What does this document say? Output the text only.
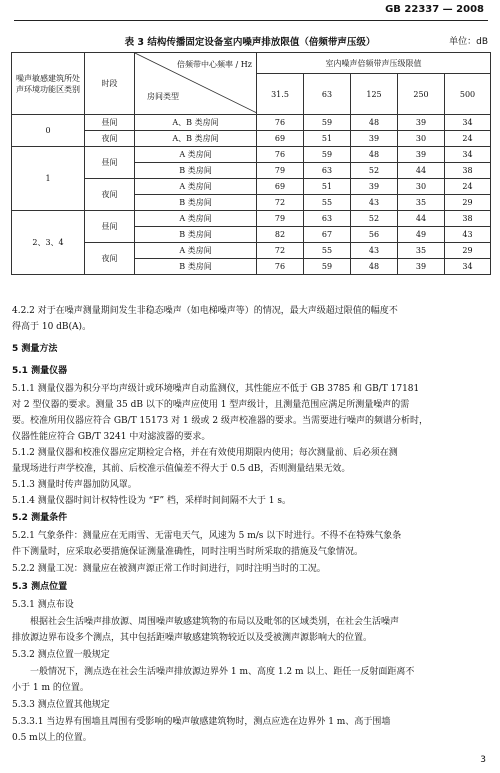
GB 22337 — 2008
表 3 结构传播固定设备室内噪声排放限值（倍频带声压级）	单位：dB
噪声敏感建筑所处声环境功能区类别	时段	倍频带中心频率 / Hz
房间类型	室内噪声倍频带声压级限值				
			31.5	63	125	250	500
0	昼间	A、B 类房间	76	59	48	39	34
	夜间	A、B 类房间	69	51	39	30	24
1	昼间	A 类房间	76	59	48	39	34
		B 类房间	79	63	52	44	38
	夜间	A 类房间	69	51	39	30	24
		B 类房间	72	55	43	35	29
2、3、4	昼间	A 类房间	79	63	52	44	38
		B 类房间	82	67	56	49	43
	夜间	A 类房间	72	55	43	35	29
		B 类房间	76	59	48	39	34
4.2.2 对于在噪声测量期间发生非稳态噪声（如电梯噪声等）的情况，最大声级超过限值的幅度不
得高于 10 dB(A)。
5 测量方法
5.1 测量仪器
5.1.1 测量仪器为积分平均声级计或环境噪声自动监测仪，其性能应不低于 GB 3785 和 GB/T 17181
对 2 型仪器的要求。测量 35 dB 以下的噪声应使用 1 型声级计，且测量范围应满足所测量噪声的需
要。校准所用仪器应符合 GB/T 15173 对 1 级或 2 级声校准器的要求。当需要进行噪声的频谱分析时，
仪器性能应符合 GB/T 3241 中对滤波器的要求。
5.1.2 测量仪器和校准仪器应定期检定合格，并在有效使用期限内使用；每次测量前、后必须在测
量现场进行声学校准，其前、后校准示值偏差不得大于 0.5 dB，否则测量结果无效。
5.1.3 测量时传声器加防风罩。
5.1.4 测量仪器时间计权特性设为 “F” 档，采样时间间隔不大于 1 s。
5.2 测量条件
5.2.1 气象条件：测量应在无雨雪、无雷电天气，风速为 5 m/s 以下时进行。不得不在特殊气象条
件下测量时，应采取必要措施保证测量准确性，同时注明当时所采取的措施及气象情况。
5.2.2 测量工况：测量应在被测声源正常工作时间进行，同时注明当时的工况。
5.3 测点位置
5.3.1 测点布设
根据社会生活噪声排放源、周围噪声敏感建筑物的布局以及毗邻的区域类别，在社会生活噪声
排放源边界布设多个测点，其中包括距噪声敏感建筑物较近以及受被测声源影响大的位置。
5.3.2 测点位置一般规定
一般情况下，测点选在社会生活噪声排放源边界外 1 m、高度 1.2 m 以上、距任一反射面距离不
小于 1 m 的位置。
5.3.3 测点位置其他规定
5.3.3.1 当边界有围墙且周围有受影响的噪声敏感建筑物时，测点应选在边界外 1 m、高于围墙
0.5 m以上的位置。
3
